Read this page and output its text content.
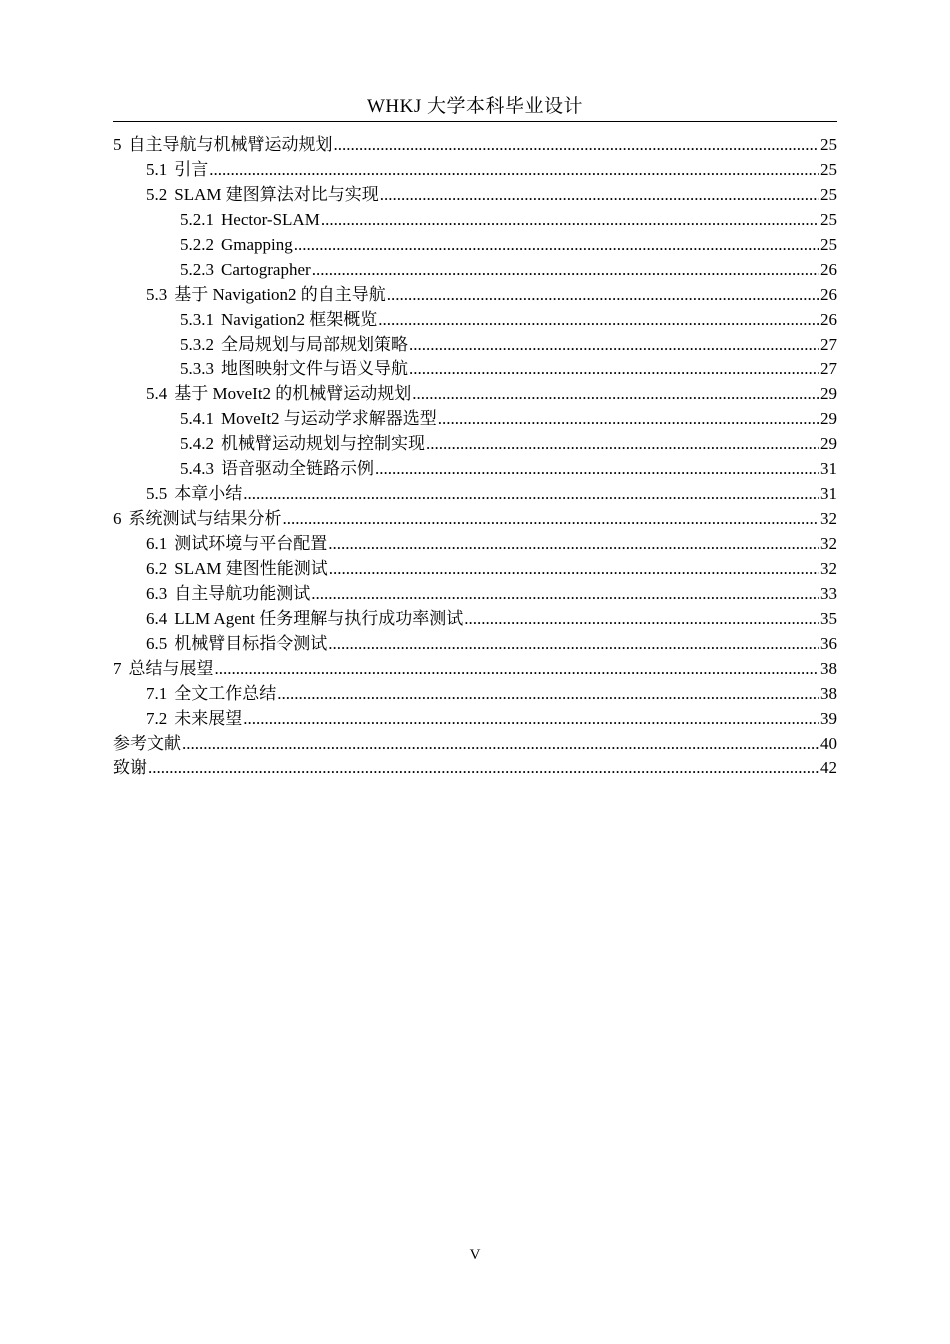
WHKJ 大学本科毕业设计
5 自主导航与机械臂运动规划 .....	25
5.1 引言 .....	25
5.2 SLAM 建图算法对比与实现 .....	25
5.2.1 Hector-SLAM .....	25
5.2.2 Gmapping .....	25
5.2.3 Cartographer .....	26
5.3 基于 Navigation2 的自主导航 .....	26
5.3.1 Navigation2 框架概览 .....	26
5.3.2 全局规划与局部规划策略 .....	27
5.3.3 地图映射文件与语义导航 .....	27
5.4 基于 MoveIt2 的机械臂运动规划 .....	29
5.4.1 MoveIt2 与运动学求解器选型 .....	29
5.4.2 机械臂运动规划与控制实现 .....	29
5.4.3 语音驱动全链路示例 .....	31
5.5 本章小结 .....	31
6 系统测试与结果分析 .....	32
6.1 测试环境与平台配置 .....	32
6.2 SLAM 建图性能测试 .....	32
6.3 自主导航功能测试 .....	33
6.4 LLM Agent 任务理解与执行成功率测试 .....	35
6.5 机械臂目标指令测试 .....	36
7 总结与展望 .....	38
7.1 全文工作总结 .....	38
7.2 未来展望 .....	39
参考文献 .....	40
致谢 .....	42
V
